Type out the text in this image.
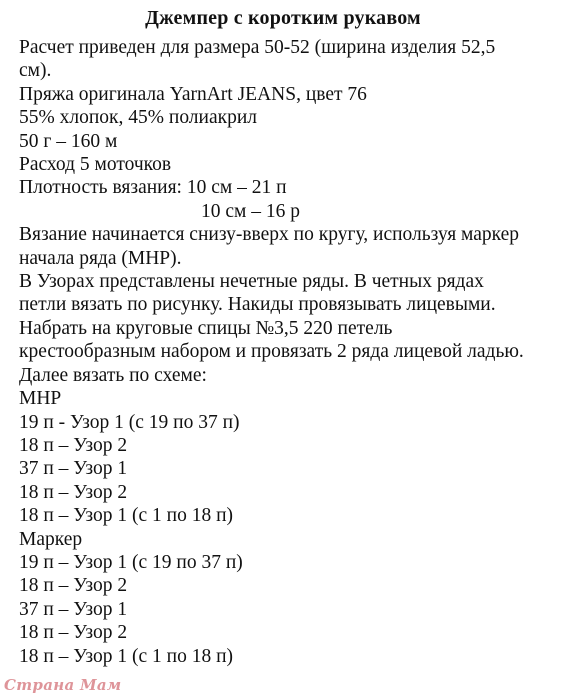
Джемпер с коротким рукавом
Расчет приведен для размера 50-52 (ширина изделия 52,5
см).
Пряжа оригинала YarnArt JEANS, цвет 76
55% хлопок, 45% полиакрил
50 г – 160 м
Расход 5 моточков
Плотность вязания: 10 см – 21 п
10 см – 16 р
Вязание начинается снизу-вверх по кругу, используя маркер
начала ряда (МНР).
В Узорах представлены нечетные ряды. В четных рядах
петли вязать по рисунку. Накиды провязывать лицевыми.
Набрать на круговые спицы №3,5 220 петель
крестообразным набором и провязать 2 ряда лицевой ладью.
Далее вязать по схеме:
МНР
19 п - Узор 1 (с 19 по 37 п)
18 п – Узор 2
37 п – Узор 1
18 п – Узор 2
18 п – Узор 1 (с 1 по 18 п)
Маркер
19 п – Узор 1 (с 19 по 37 п)
18 п – Узор 2
37 п – Узор 1
18 п – Узор 2
18 п – Узор 1 (с 1 по 18 п)
Страна Мам
